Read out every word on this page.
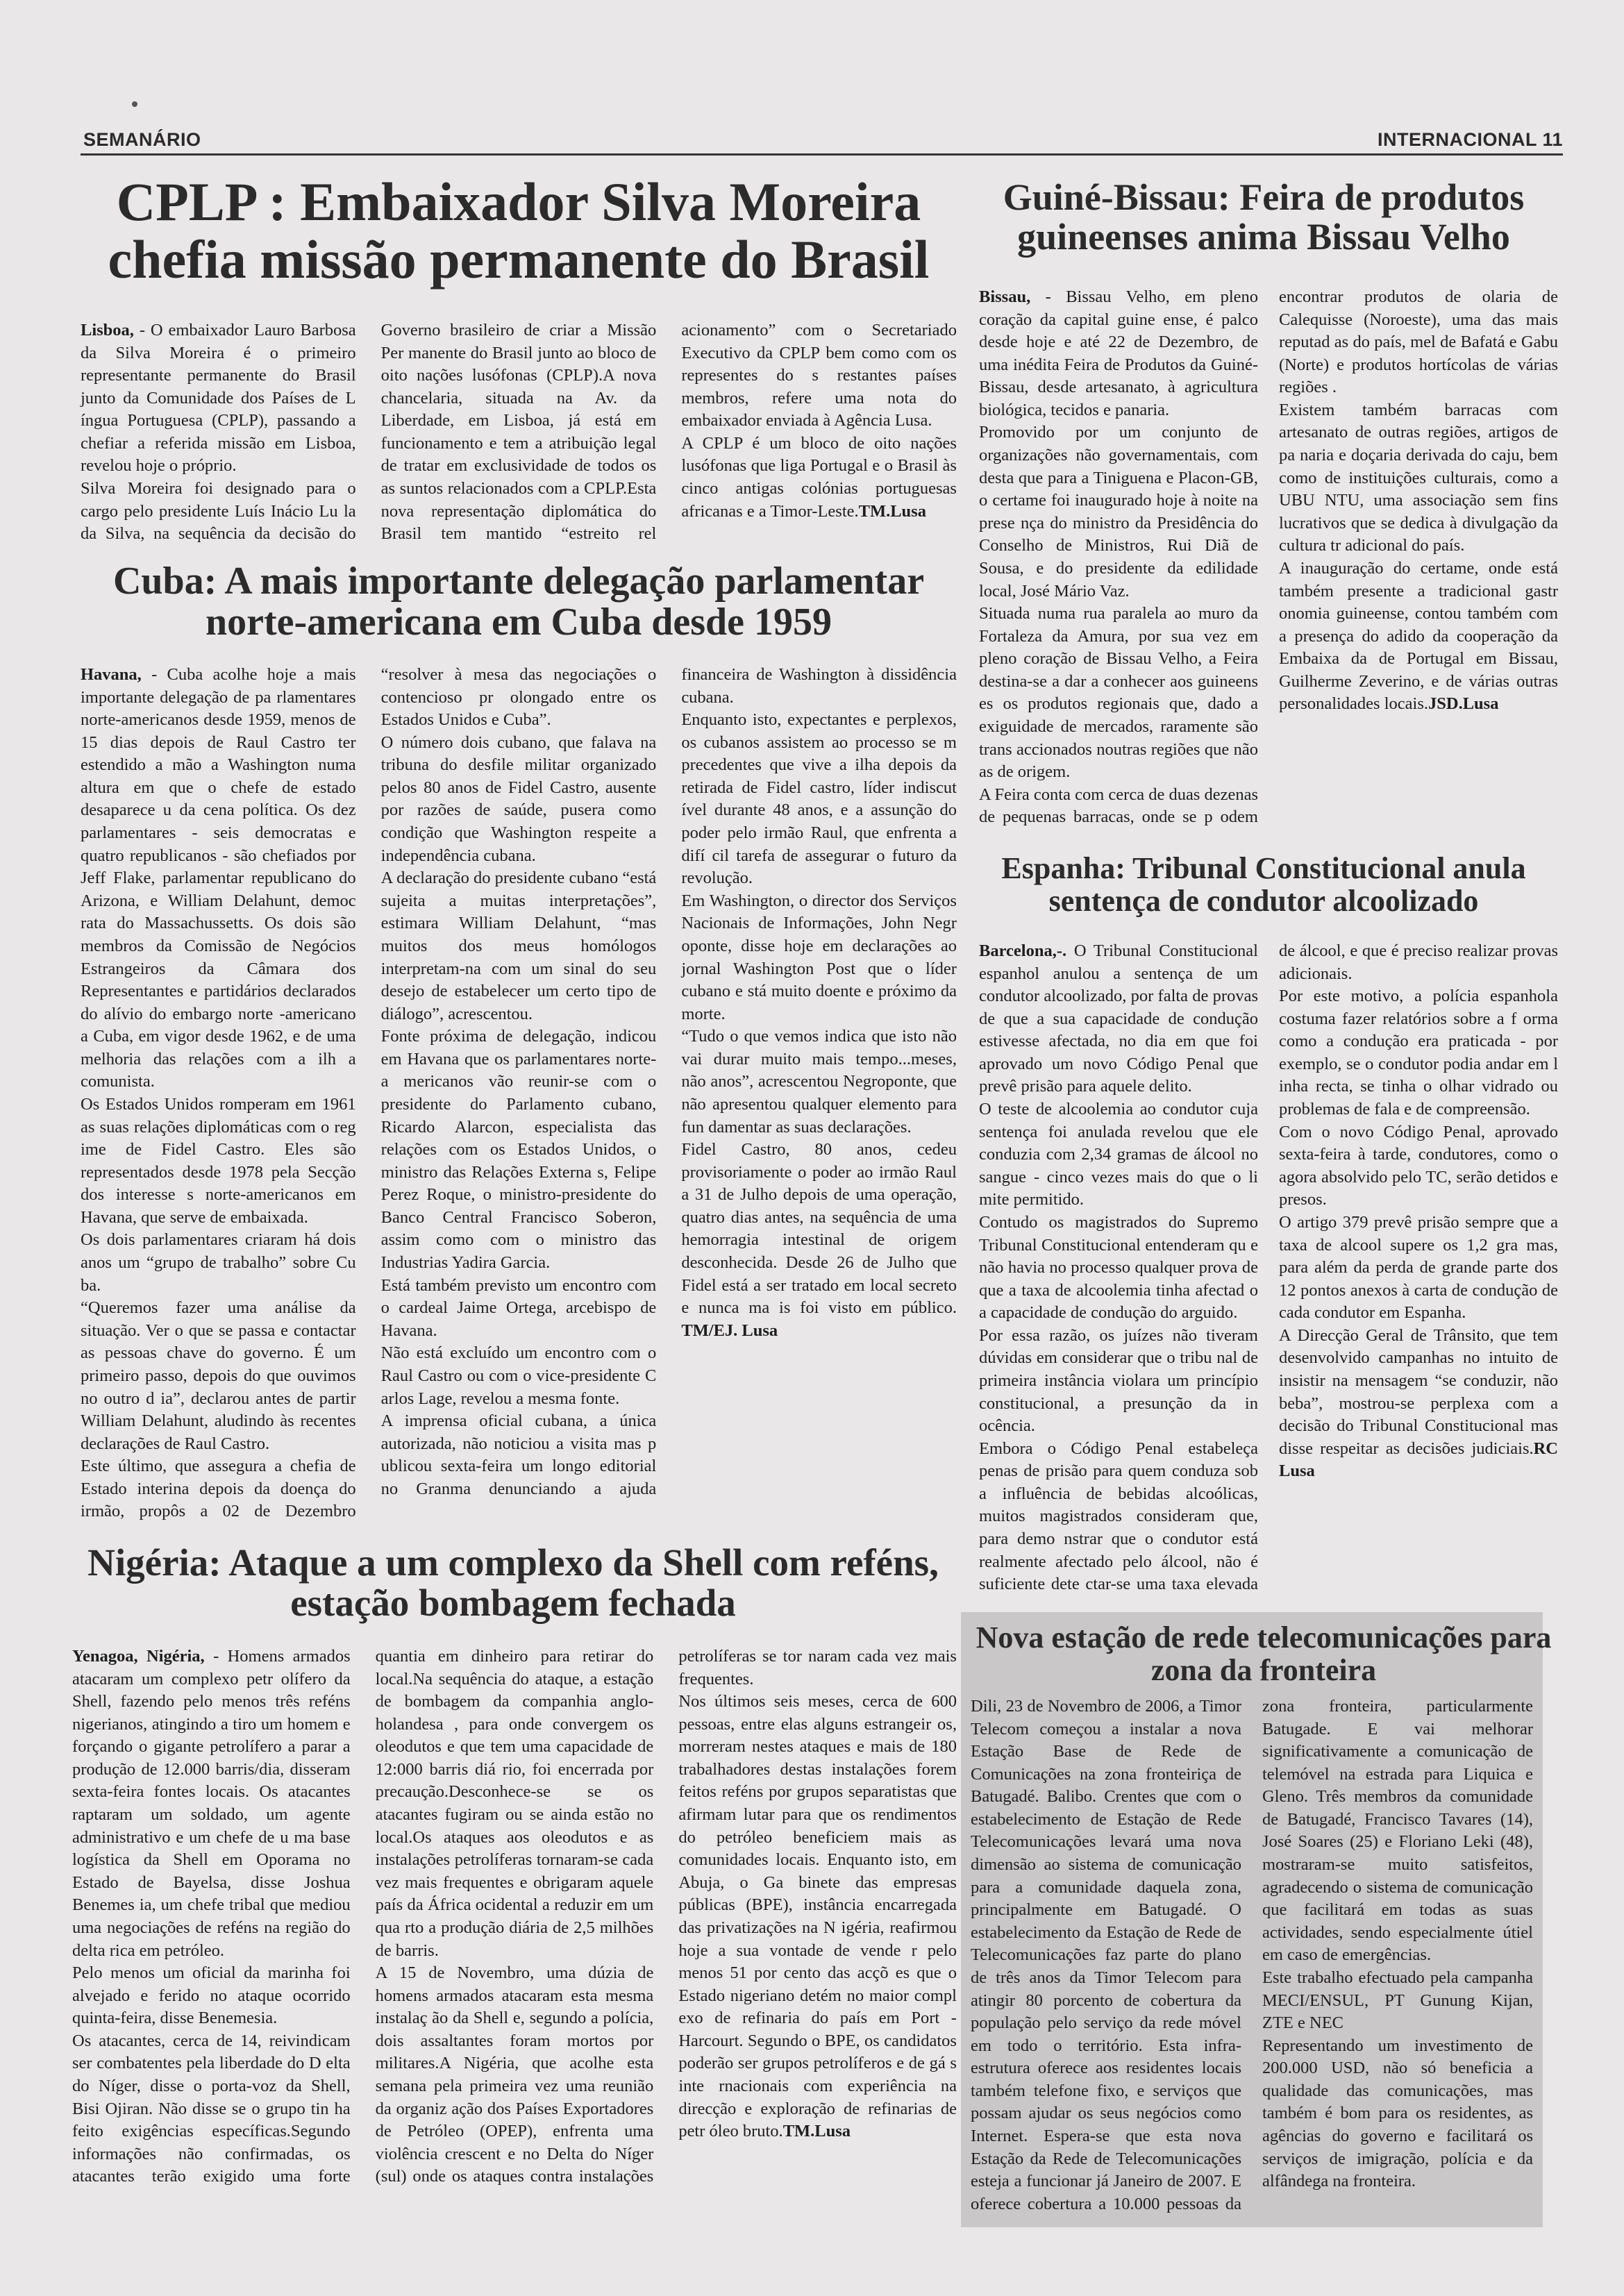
SEMANÁRIO	INTERNACIONAL 11
CPLP : Embaixador Silva Moreira chefia missão permanente do Brasil

Lisboa, - O embaixador Lauro Barbosa da Silva Moreira é o primeiro representante permanente do Brasil junto da Comunidade dos Países de L íngua Portuguesa (CPLP), passando a chefiar a referida missão em Lisboa, revelou hoje o próprio.

Silva Moreira foi designado para o cargo pelo presidente Luís Inácio Lu la da Silva, na sequência da decisão do Governo brasileiro de criar a Missão Per manente do Brasil junto ao bloco de oito nações lusófonas (CPLP).A nova chancelaria, situada na Av. da Liberdade, em Lisboa, já está em funcionamento e tem a atribuição legal de tratar em exclusividade de todos os as suntos relacionados com a CPLP.Esta nova representação diplomática do Brasil tem mantido “estreito rel acionamento” com o Secretariado Executivo da CPLP bem como com os representes do s restantes países membros, refere uma nota do embaixador enviada à Agência Lusa.

A CPLP é um bloco de oito nações lusófonas que liga Portugal e o Brasil às cinco antigas colónias portuguesas africanas e a Timor-Leste.TM.Lusa

Cuba: A mais importante delegação parlamentar norte-americana em Cuba desde 1959

Havana, - Cuba acolhe hoje a mais importante delegação de pa rlamentares norte-americanos desde 1959, menos de 15 dias depois de Raul Castro ter estendido a mão a Washington numa altura em que o chefe de estado desaparece u da cena política. Os dez parlamentares - seis democratas e quatro republicanos - são chefiados por Jeff Flake, parlamentar republicano do Arizona, e William Delahunt, democ rata do Massachussetts. Os dois são membros da Comissão de Negócios Estrangeiros da Câmara dos Representantes e partidários declarados do alívio do embargo norte -americano a Cuba, em vigor desde 1962, e de uma melhoria das relações com a ilh a comunista.

Os Estados Unidos romperam em 1961 as suas relações diplomáticas com o reg ime de Fidel Castro. Eles são representados desde 1978 pela Secção dos interesse s norte-americanos em Havana, que serve de embaixada.

Os dois parlamentares criaram há dois anos um “grupo de trabalho” sobre Cu ba.

“Queremos fazer uma análise da situação. Ver o que se passa e contactar as pessoas chave do governo. É um primeiro passo, depois do que ouvimos no outro d ia”, declarou antes de partir William Delahunt, aludindo às recentes declarações de Raul Castro.

Este último, que assegura a chefia de Estado interina depois da doença do irmão, propôs a 02 de Dezembro “resolver à mesa das negociações o contencioso pr olongado entre os Estados Unidos e Cuba”.

O número dois cubano, que falava na tribuna do desfile militar organizado pelos 80 anos de Fidel Castro, ausente por razões de saúde, pusera como condição que Washington respeite a independência cubana.

A declaração do presidente cubano “está sujeita a muitas interpretações”, estimara William Delahunt, “mas muitos dos meus homólogos interpretam-na com um sinal do seu desejo de estabelecer um certo tipo de diálogo”, acrescentou.

Fonte próxima de delegação, indicou em Havana que os parlamentares norte-a mericanos vão reunir-se com o presidente do Parlamento cubano, Ricardo Alarcon, especialista das relações com os Estados Unidos, o ministro das Relações Externa s, Felipe Perez Roque, o ministro-presidente do Banco Central Francisco Soberon, assim como com o ministro das Industrias Yadira Garcia.

Está também previsto um encontro com o cardeal Jaime Ortega, arcebispo de Havana.

Não está excluído um encontro com o Raul Castro ou com o vice-presidente C arlos Lage, revelou a mesma fonte.

A imprensa oficial cubana, a única autorizada, não noticiou a visita mas p ublicou sexta-feira um longo editorial no Granma denunciando a ajuda financeira de Washington à dissidência cubana.

Enquanto isto, expectantes e perplexos, os cubanos assistem ao processo se m precedentes que vive a ilha depois da retirada de Fidel castro, líder indiscut ível durante 48 anos, e a assunção do poder pelo irmão Raul, que enfrenta a difí cil tarefa de assegurar o futuro da revolução.

Em Washington, o director dos Serviços Nacionais de Informações, John Negr oponte, disse hoje em declarações ao jornal Washington Post que o líder cubano e stá muito doente e próximo da morte.

“Tudo o que vemos indica que isto não vai durar muito mais tempo...meses, não anos”, acrescentou Negroponte, que não apresentou qualquer elemento para fun damentar as suas declarações.

Fidel Castro, 80 anos, cedeu provisoriamente o poder ao irmão Raul a 31 de Julho depois de uma operação, quatro dias antes, na sequência de uma hemorragia intestinal de origem desconhecida. Desde 26 de Julho que Fidel está a ser tratado em local secreto e nunca ma is foi visto em público. TM/EJ. Lusa

Nigéria: Ataque a um complexo da Shell com reféns, estação bombagem fechada

Yenagoa, Nigéria, - Homens armados atacaram um complexo petr olífero da Shell, fazendo pelo menos três reféns nigerianos, atingindo a tiro um homem e forçando o gigante petrolífero a parar a produção de 12.000 barris/dia, disseram sexta-feira fontes locais. Os atacantes raptaram um soldado, um agente administrativo e um chefe de u ma base logística da Shell em Oporama no Estado de Bayelsa, disse Joshua Benemes ia, um chefe tribal que mediou uma negociações de reféns na região do delta rica em petróleo.

Pelo menos um oficial da marinha foi alvejado e ferido no ataque ocorrido quinta-feira, disse Benemesia.

Os atacantes, cerca de 14, reivindicam ser combatentes pela liberdade do D elta do Níger, disse o porta-voz da Shell, Bisi Ojiran. Não disse se o grupo tin ha feito exigências específicas.Segundo informações não confirmadas, os atacantes terão exigido uma forte quantia em dinheiro para retirar do local.Na sequência do ataque, a estação de bombagem da companhia anglo-holandesa , para onde convergem os oleodutos e que tem uma capacidade de 12:000 barris diá rio, foi encerrada por precaução.Desconhece-se se os atacantes fugiram ou se ainda estão no local.Os ataques aos oleodutos e as instalações petrolíferas tornaram-se cada vez mais frequentes e obrigaram aquele país da África ocidental a reduzir em um qua rto a produção diária de 2,5 milhões de barris.

A 15 de Novembro, uma dúzia de homens armados atacaram esta mesma instalaç ão da Shell e, segundo a polícia, dois assaltantes foram mortos por militares.A Nigéria, que acolhe esta semana pela primeira vez uma reunião da organiz ação dos Países Exportadores de Petróleo (OPEP), enfrenta uma violência crescent e no Delta do Níger (sul) onde os ataques contra instalações petrolíferas se tor naram cada vez mais frequentes.

Nos últimos seis meses, cerca de 600 pessoas, entre elas alguns estrangeir os, morreram nestes ataques e mais de 180 trabalhadores destas instalações forem feitos reféns por grupos separatistas que afirmam lutar para que os rendimentos do petróleo beneficiem mais as comunidades locais. Enquanto isto, em Abuja, o Ga binete das empresas públicas (BPE), instância encarregada das privatizações na N igéria, reafirmou hoje a sua vontade de vende r pelo menos 51 por cento das acçõ es que o Estado nigeriano detém no maior compl exo de refinaria do país em Port -Harcourt. Segundo o BPE, os candidatos poderão ser grupos petrolíferos e de gá s inte rnacionais com experiência na direcção e exploração de refinarias de petr óleo bruto.TM.Lusa

Guiné-Bissau: Feira de produtos guineenses anima Bissau Velho

Bissau, - Bissau Velho, em pleno coração da capital guine ense, é palco desde hoje e até 22 de Dezembro, de uma inédita Feira de Produtos da Guiné-Bissau, desde artesanato, à agricultura biológica, tecidos e panaria.

Promovido por um conjunto de organizações não governamentais, com desta que para a Tiniguena e Placon-GB, o certame foi inaugurado hoje à noite na prese nça do ministro da Presidência do Conselho de Ministros, Rui Diã de Sousa, e do presidente da edilidade local, José Mário Vaz.

Situada numa rua paralela ao muro da Fortaleza da Amura, por sua vez em pleno coração de Bissau Velho, a Feira destina-se a dar a conhecer aos guineens es os produtos regionais que, dado a exiguidade de mercados, raramente são trans accionados noutras regiões que não as de origem.

A Feira conta com cerca de duas dezenas de pequenas barracas, onde se p odem encontrar produtos de olaria de Calequisse (Noroeste), uma das mais reputad as do país, mel de Bafatá e Gabu (Norte) e produtos hortícolas de várias regiões .

Existem também barracas com artesanato de outras regiões, artigos de pa naria e doçaria derivada do caju, bem como de instituições culturais, como a UBU NTU, uma associação sem fins lucrativos que se dedica à divulgação da cultura tr adicional do país.

A inauguração do certame, onde está também presente a tradicional gastr onomia guineense, contou também com a presença do adido da cooperação da Embaixa da de Portugal em Bissau, Guilherme Zeverino, e de várias outras personalidades locais.JSD.Lusa

Espanha: Tribunal Constitucional anula sentença de condutor alcoolizado

Barcelona,-. O Tribunal Constitucional espanhol anulou a sentença de um condutor alcoolizado, por falta de provas de que a sua capacidade de condução estivesse afectada, no dia em que foi aprovado um novo Código Penal que prevê prisão para aquele delito.

O teste de alcoolemia ao condutor cuja sentença foi anulada revelou que ele conduzia com 2,34 gramas de álcool no sangue - cinco vezes mais do que o li mite permitido.

Contudo os magistrados do Supremo Tribunal Constitucional entenderam qu e não havia no processo qualquer prova de que a taxa de alcoolemia tinha afectad o a capacidade de condução do arguido.

Por essa razão, os juízes não tiveram dúvidas em considerar que o tribu nal de primeira instância violara um princípio constitucional, a presunção da in ocência.

Embora o Código Penal estabeleça penas de prisão para quem conduza sob a influência de bebidas alcoólicas, muitos magistrados consideram que, para demo nstrar que o condutor está realmente afectado pelo álcool, não é suficiente dete ctar-se uma taxa elevada de álcool, e que é preciso realizar provas adicionais.

Por este motivo, a polícia espanhola costuma fazer relatórios sobre a f orma como a condução era praticada - por exemplo, se o condutor podia andar em l inha recta, se tinha o olhar vidrado ou problemas de fala e de compreensão.

Com o novo Código Penal, aprovado sexta-feira à tarde, condutores, como o agora absolvido pelo TC, serão detidos e presos.

O artigo 379 prevê prisão sempre que a taxa de alcool supere os 1,2 gra mas, para além da perda de grande parte dos 12 pontos anexos à carta de condução de cada condutor em Espanha.

A Direcção Geral de Trânsito, que tem desenvolvido campanhas no intuito de insistir na mensagem “se conduzir, não beba”, mostrou-se perplexa com a decisão do Tribunal Constitucional mas disse respeitar as decisões judiciais.RC Lusa

Nova estação de rede telecomunicações para zona da fronteira

Dili, 23 de Novembro de 2006, a Timor Telecom começou a instalar a nova Estação Base de Rede de Comunicações na zona fronteiriça de Batugadé. Balibo. Crentes que com o estabelecimento de Estação de Rede Telecomunicações levará uma nova dimensão ao sistema de comunicação para a comunidade daquela zona, principalmente em Batugadé. O estabelecimento da Estação de Rede de Telecomunicações faz parte do plano de três anos da Timor Telecom para atingir 80 porcento de cobertura da população pelo serviço da rede móvel em todo o território. Esta infra-estrutura oferece aos residentes locais também telefone fixo, e serviços que possam ajudar os seus negócios como Internet. Espera-se que esta nova Estação da Rede de Telecomunicações esteja a funcionar já Janeiro de 2007. E oferece cobertura a 10.000 pessoas da zona fronteira, particularmente Batugade. E vai melhorar significativamente a comunicação de telemóvel na estrada para Liquica e Gleno. Três membros da comunidade de Batugadé, Francisco Tavares (14), José Soares (25) e Floriano Leki (48), mostraram-se muito satisfeitos, agradecendo o sistema de comunicação que facilitará em todas as suas actividades, sendo especialmente útiel em caso de emergências.

Este trabalho efectuado pela campanha MECI/ENSUL, PT Gunung Kijan, ZTE e NEC

Representando um investimento de 200.000 USD, não só beneficia a qualidade das comunicações, mas também é bom para os residentes, as agências do governo e facilitará os serviços de imigração, polícia e da alfândega na fronteira.
